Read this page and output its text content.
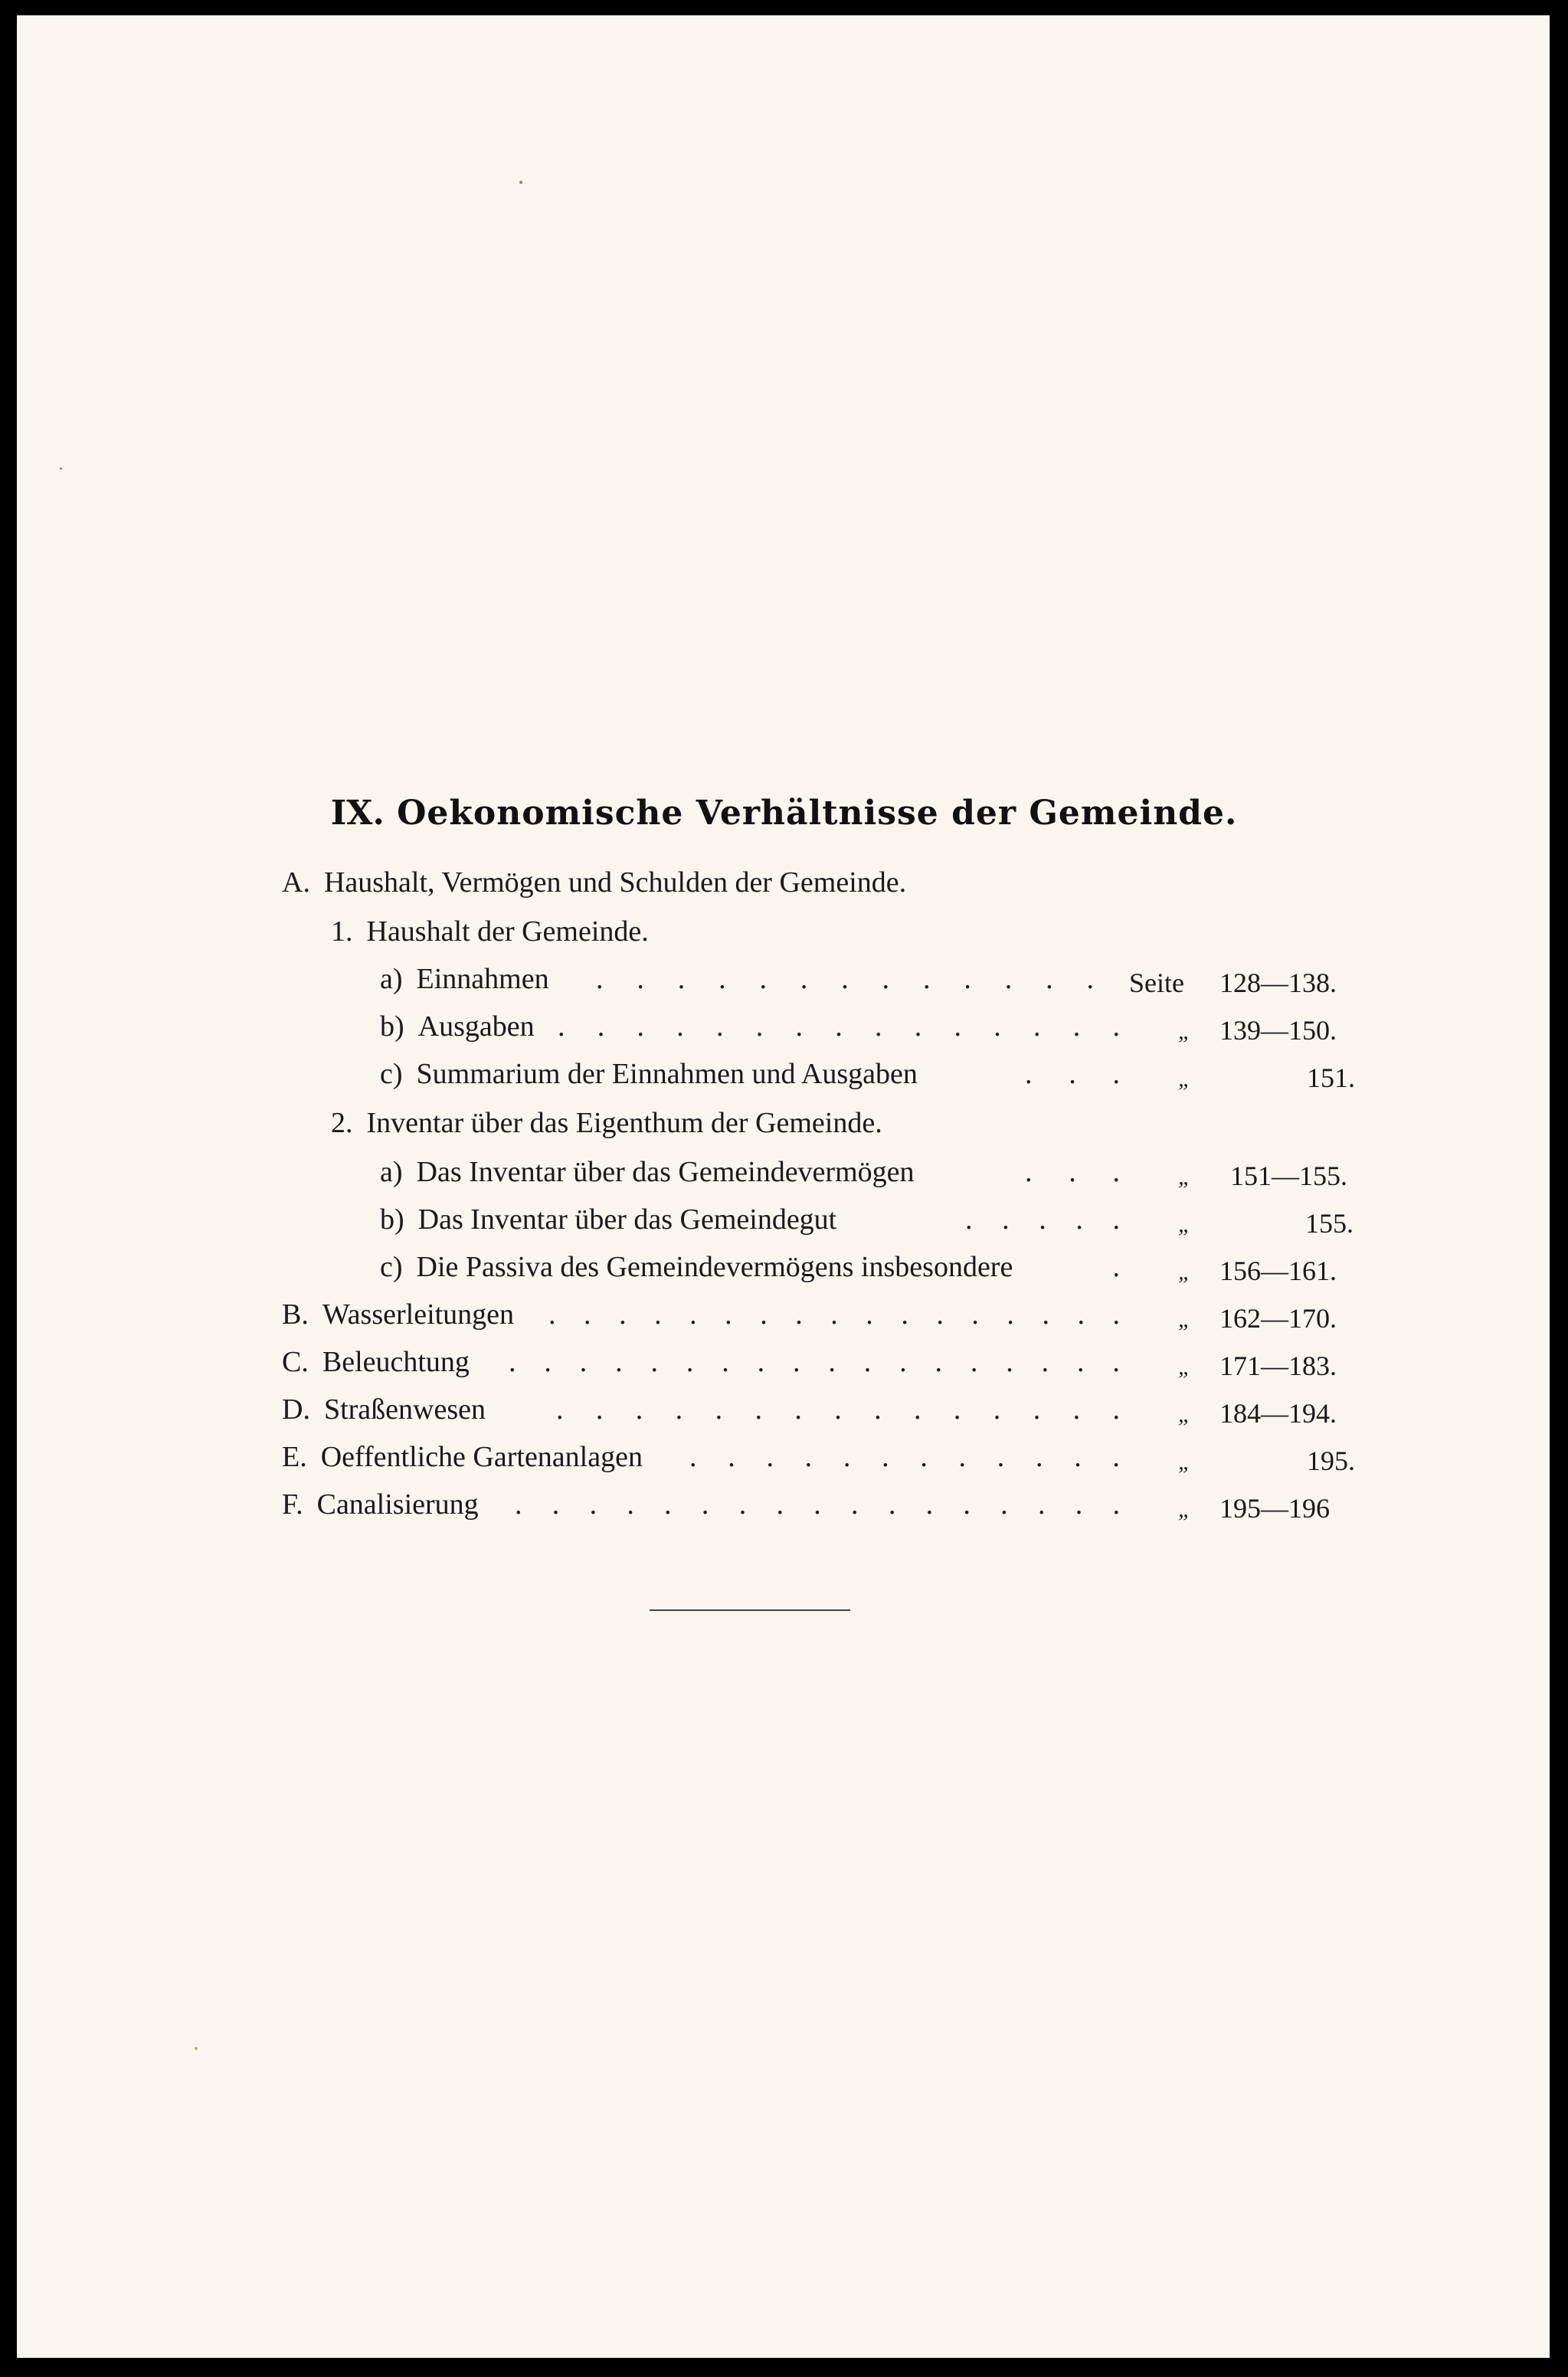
IX. Oekonomische Verhältnisse der Gemeinde.
A. Haushalt, Vermögen und Schulden der Gemeinde.
1. Haushalt der Gemeinde.
a) Einnahmen . . . . . . . . . . . . . Seite 128—138.
b) Ausgaben . . . . . . . . . . . . . . .	„ 139—150.
c) Summarium der Einnahmen und Ausgaben	. . .	„	151.
2. Inventar über das Eigenthum der Gemeinde.
a) Das Inventar über das Gemeindevermögen	. . .	„ 151—155.
b) Das Inventar über das Gemeindegut	. . . . .	„	155.
c) Die Passiva des Gemeindevermögens insbesondere	.	„ 156—161.
B. Wasserleitungen . . . . . . . . . . . . . . . . .	„ 162—170.
C. Beleuchtung . . . . . . . . . . . . . . . . . .	„ 171—183.
D. Straßenwesen . . . . . . . . . . . . . . .	„ 184—194.
E. Oeffentliche Gartenanlagen . . . . . . . . . . . .	„	195.
F. Canalisierung . . . . . . . . . . . . . . . . .	„ 195—196
